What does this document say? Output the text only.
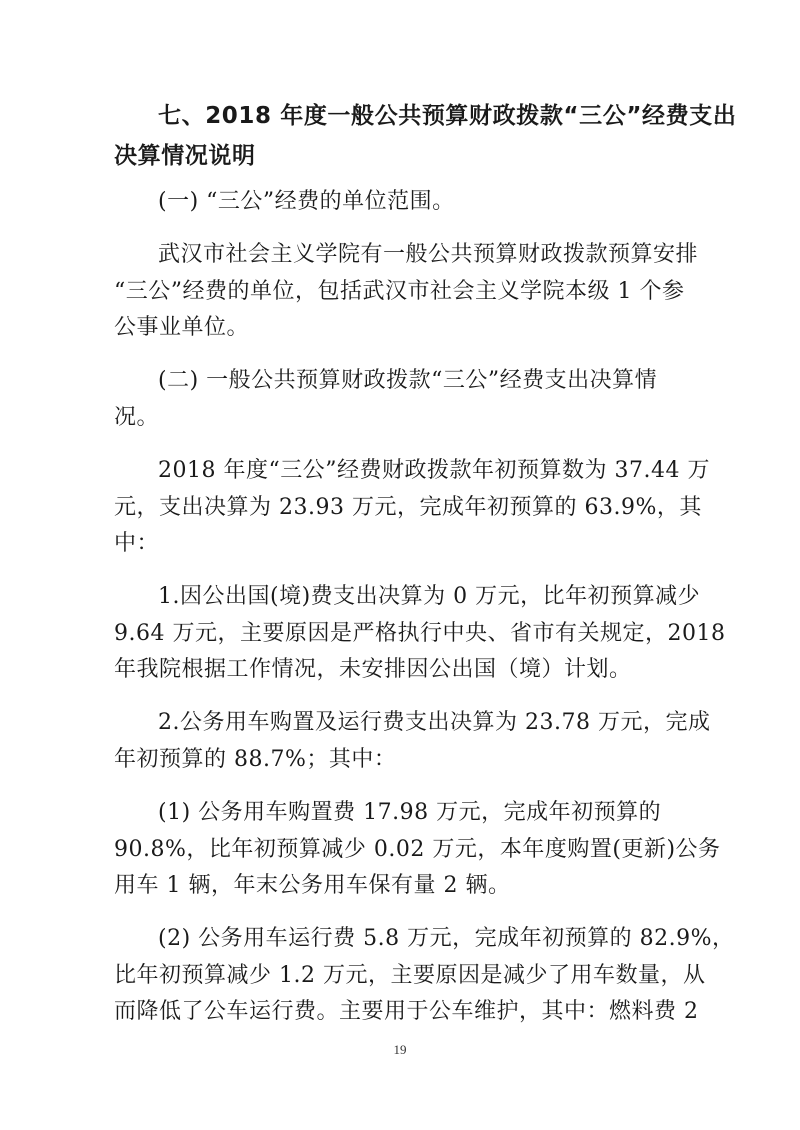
七、2018 年度一般公共预算财政拨款“三公”经费支出
决算情况说明
(一) “三公”经费的单位范围。
武汉市社会主义学院有一般公共预算财政拨款预算安排
“三公”经费的单位，包括武汉市社会主义学院本级 1 个参
公事业单位。
(二) 一般公共预算财政拨款“三公”经费支出决算情
况。
2018 年度“三公”经费财政拨款年初预算数为 37.44 万
元，支出决算为 23.93 万元，完成年初预算的 63.9%，其
中：
1.因公出国(境)费支出决算为 0 万元，比年初预算减少
9.64 万元，主要原因是严格执行中央、省市有关规定，2018
年我院根据工作情况，未安排因公出国（境）计划。
2.公务用车购置及运行费支出决算为 23.78 万元，完成
年初预算的 88.7%；其中：
(1) 公务用车购置费 17.98 万元，完成年初预算的
90.8%，比年初预算减少 0.02 万元，本年度购置(更新)公务
用车 1 辆，年末公务用车保有量 2 辆。
(2) 公务用车运行费 5.8 万元，完成年初预算的 82.9%，
比年初预算减少 1.2 万元，主要原因是减少了用车数量，从
而降低了公车运行费。主要用于公车维护，其中：燃料费 2
19
